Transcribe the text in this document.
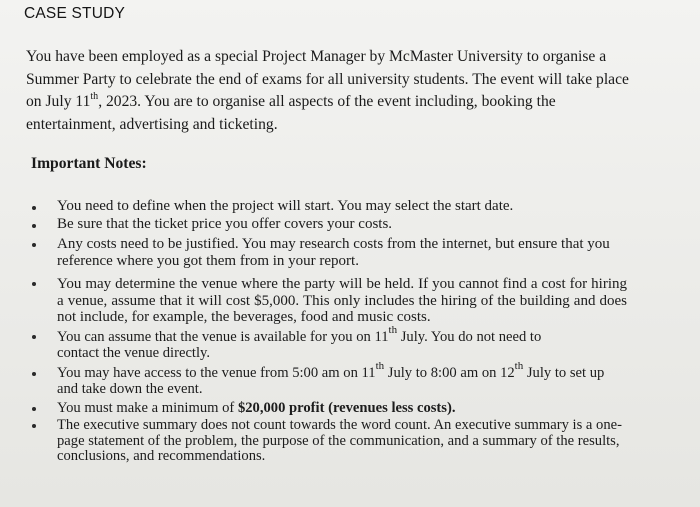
CASE STUDY

You have been employed as a special Project Manager by McMaster University to organise a Summer Party to celebrate the end of exams for all university students. The event will take place on July 11th, 2023. You are to organise all aspects of the event including, booking the entertainment, advertising and ticketing.

Important Notes:
You need to define when the project will start. You may select the start date.
Be sure that the ticket price you offer covers your costs.
Any costs need to be justified. You may research costs from the internet, but ensure that you reference where you got them from in your report.
You may determine the venue where the party will be held. If you cannot find a cost for hiring a venue, assume that it will cost $5,000. This only includes the hiring of the building and does not include, for example, the beverages, food and music costs.
You can assume that the venue is available for you on 11th July. You do not need to contact the venue directly.
You may have access to the venue from 5:00 am on 11th July to 8:00 am on 12th July to set up and take down the event.
You must make a minimum of $20,000 profit (revenues less costs).
The executive summary does not count towards the word count. An executive summary is a one-page statement of the problem, the purpose of the communication, and a summary of the results, conclusions, and recommendations.
